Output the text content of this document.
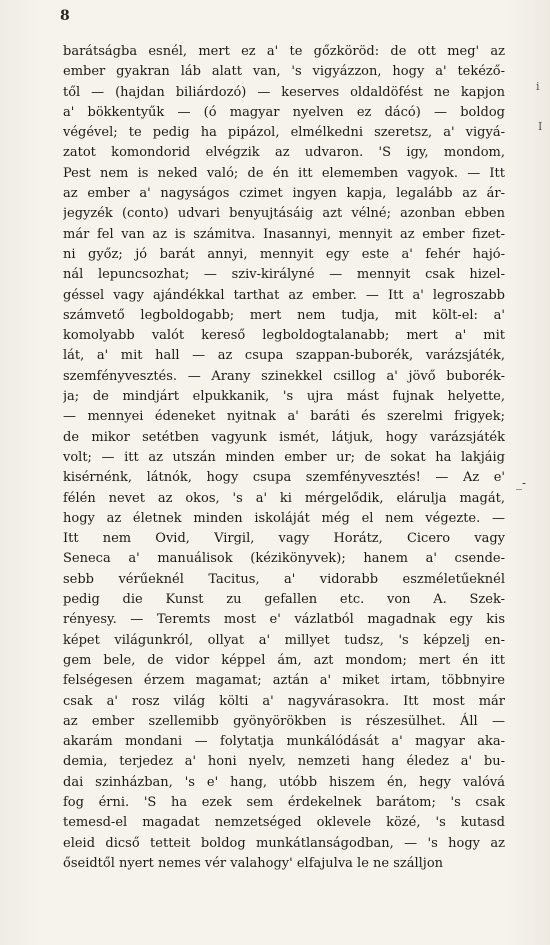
8
i
I
_-
barátságba esnél, mert ez a' te gőzköröd: de ott meg' az
ember gyakran láb alatt van, 's vigyázzon, hogy a' tekéző-
től — (hajdan biliárdozó) — keserves oldaldöfést ne kapjon
a' bökkentyűk — (ó magyar nyelven ez dácó) — boldog
végével; te pedig ha pipázol, elmélkedni szeretsz, a' vigyá-
zatot komondorid elvégzik az udvaron. 'S igy, mondom,
Pest nem is neked való; de én itt elememben vagyok. — Itt
az ember a' nagyságos czimet ingyen kapja, legalább az ár-
jegyzék (conto) udvari benyujtásáig azt vélné; azonban ebben
már fel van az is számitva. Inasannyi, mennyit az ember fizet-
ni győz; jó barát annyi, mennyit egy este a' fehér hajó-
nál lepuncsozhat; — sziv-királyné — mennyit csak hizel-
géssel vagy ajándékkal tarthat az ember. — Itt a' legroszabb
számvető legboldogabb; mert nem tudja, mit költ-el: a'
komolyabb valót kereső legboldogtalanabb; mert a' mit
lát, a' mit hall — az csupa szappan-buborék, varázsjáték,
szemfényvesztés. — Arany szinekkel csillog a' jövő buborék-
ja; de mindjárt elpukkanik, 's ujra mást fujnak helyette,
— mennyei édeneket nyitnak a' baráti és szerelmi frigyek;
de mikor setétben vagyunk ismét, látjuk, hogy varázsjáték
volt; — itt az utszán minden ember ur; de sokat ha lakjáig
kisérnénk, látnók, hogy csupa szemfényvesztés! — Az e'
félén nevet az okos, 's a' ki mérgelődik, elárulja magát,
hogy az életnek minden iskoláját még el nem végezte. —
Itt nem Ovid, Virgil, vagy Horátz, Cicero vagy
Seneca a' manuálisok (kézikönyvek); hanem a' csende-
sebb vérűeknél Tacitus, a' vidorabb eszméletűeknél
pedig die Kunst zu gefallen etc. von A. Szek-
rényesy. — Teremts most e' vázlatból magadnak egy kis
képet világunkról, ollyat a' millyet tudsz, 's képzelj en-
gem bele, de vidor képpel ám, azt mondom; mert én itt
felségesen érzem magamat; aztán a' miket irtam, többnyire
csak a' rosz világ költi a' nagyvárasokra. Itt most már
az ember szellemibb gyönyörökben is részesülhet. Áll —
akarám mondani — folytatja munkálódását a' magyar aka-
demia, terjedez a' honi nyelv, nemzeti hang éledez a' bu-
dai szinházban, 's e' hang, utóbb hiszem én, hegy valóvá
fog érni. 'S ha ezek sem érdekelnek barátom; 's csak
temesd-el magadat nemzetséged oklevele közé, 's kutasd
eleid dicső tetteit boldog munkátlanságodban, — 's hogy az
őseidtől nyert nemes vér valahogy' elfajulva le ne szálljon
